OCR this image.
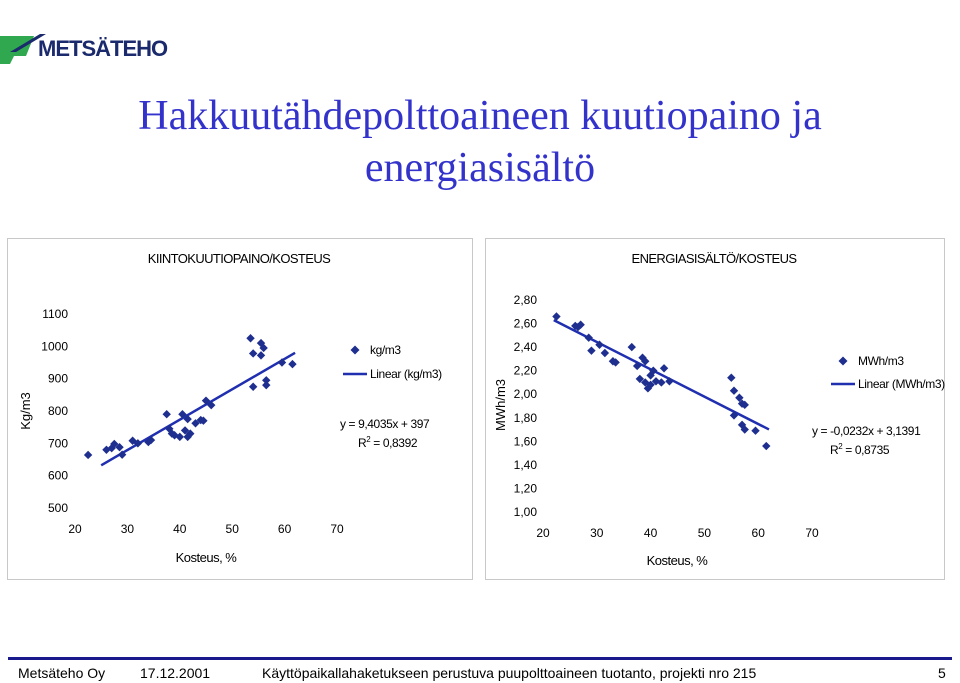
METSÄTEHO
Hakkuutähdepolttoaineen kuutiopaino ja
energiasisältö
KIINTOKUUTIOPAINO/KOSTEUS
20	30	40	50	60	70
500
600
700
800
900
1000
1100
Kosteus, %
Kg/m3
kg/m3
Linear (kg/m3)
y = 9,4035x + 397
$R^2 = 0,8392$
ENERGIASISÄLTÖ/KOSTEUS
20	30	40	50	60	70
1,00
1,20
1,40
1,60
1,80
2,00
2,20
2,40
2,60
2,80
Kosteus, %
MWh/m3
MWh/m3
Linear (MWh/m3)
y = -0,0232x + 3,1391
$R^2 = 0,8735$
Tuloskalvosarja
Metsäteho Oy 17.12.2001	Käyttöpaikallahaketukseen perustuva puupolttoaineen tuotanto, projekti nro 215	5
